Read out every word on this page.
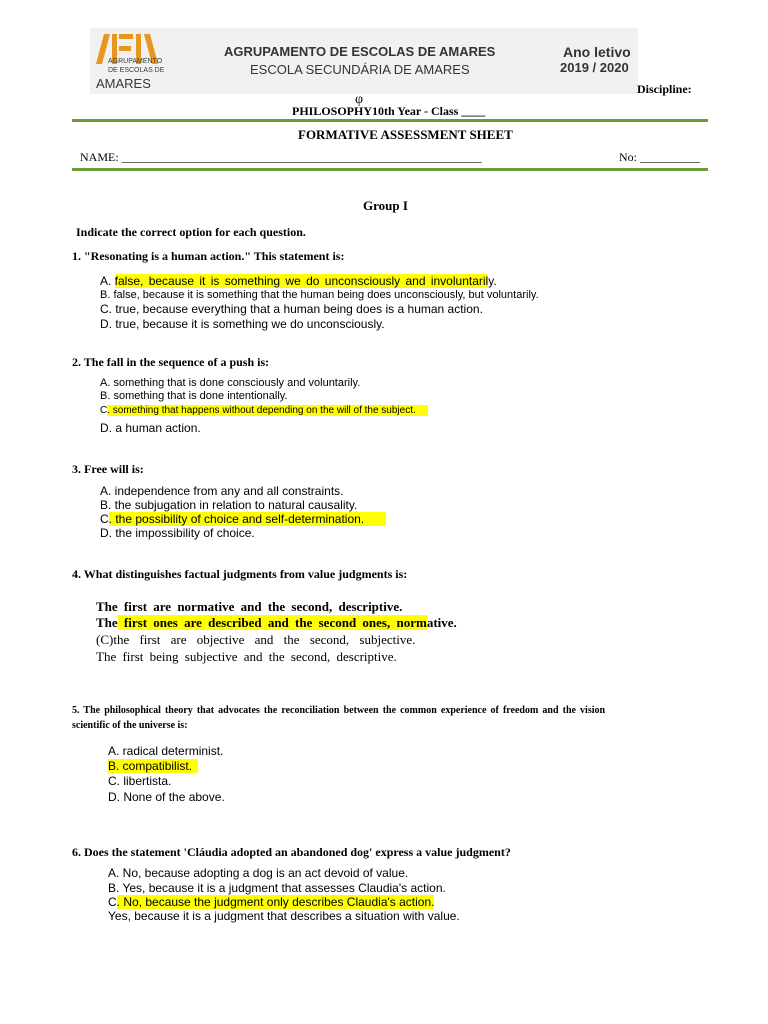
AGRUPAMENTO
DE ESCOLAS DE
AMARES
AGRUPAMENTO DE ESCOLAS DE AMARES
ESCOLA SECUNDÁRIA DE AMARES
Ano letivo
2019 / 2020
Discipline:
φ
PHILOSOPHY10th Year - Class ____
FORMATIVE ASSESSMENT SHEET
NAME: ____________________________________________________________	No: __________
Group I
Indicate the correct option for each question.
1. "Resonating is a human action." This statement is:
A. false, because it is something we do unconsciously and involuntarily.
B. false, because it is something that the human being does unconsciously, but voluntarily.
C. true, because everything that a human being does is a human action.
D. true, because it is something we do unconsciously.
2. The fall in the sequence of a push is:
A. something that is done consciously and voluntarily.
B. something that is done intentionally.
C. something that happens without depending on the will of the subject.
D. a human action.
3. Free will is:
A. independence from any and all constraints.
B. the subjugation in relation to natural causality.
C. the possibility of choice and self-determination.
D. the impossibility of choice.
4. What distinguishes factual judgments from value judgments is:
The first are normative and the second, descriptive.
The first ones are described and the second ones, normative.
(C)the first are objective and the second, subjective.
The first being subjective and the second, descriptive.
5. The philosophical theory that advocates the reconciliation between the common experience of freedom and the vision
scientific of the universe is:
A. radical determinist.
B. compatibilist.
C. libertista.
D. None of the above.
6. Does the statement 'Cláudia adopted an abandoned dog' express a value judgment?
A. No, because adopting a dog is an act devoid of value.
B. Yes, because it is a judgment that assesses Claudia's action.
C. No, because the judgment only describes Claudia's action.
Yes, because it is a judgment that describes a situation with value.
